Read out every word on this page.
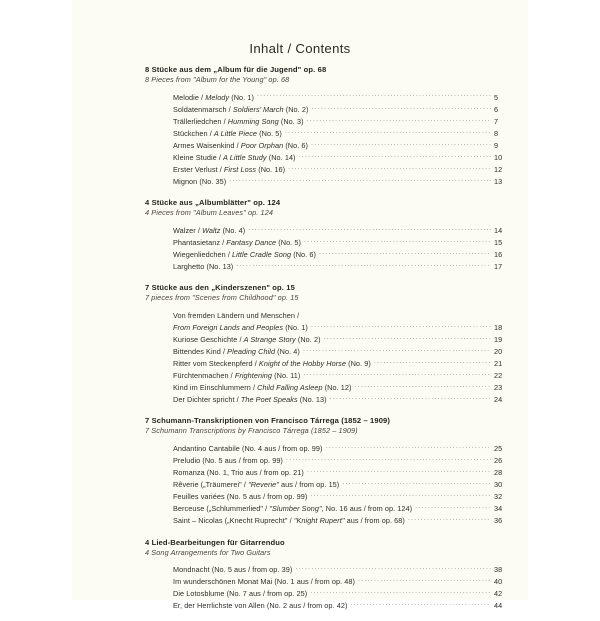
Inhalt / Contents
8 Stücke aus dem „Album für die Jugend" op. 68
8 Pieces from "Album for the Young" op. 68
Melodie / Melody (No. 1) .....	5
Soldatenmarsch / Soldiers’ March (No. 2) .....	6
Trällerliedchen / Humming Song (No. 3) .....	7
Stückchen / A Little Piece (No. 5) .....	8
Armes Waisenkind / Poor Orphan (No. 6) .....	9
Kleine Studie / A Little Study (No. 14) .....	10
Erster Verlust / First Loss (No. 16) .....	12
Mignon (No. 35) .....	13
4 Stücke aus „Albumblätter" op. 124
4 Pieces from "Album Leaves" op. 124
Walzer / Waltz (No. 4) .....	14
Phantasietanz / Fantasy Dance (No. 5) .....	15
Wiegenliedchen / Little Cradle Song (No. 6) .....	16
Larghetto (No. 13) .....	17
7 Stücke aus den „Kinderszenen" op. 15
7 pieces from "Scenes from Childhood" op. 15
Von fremden Ländern und Menschen /
From Foreign Lands and Peoples (No. 1) .....	18
Kuriose Geschichte / A Strange Story (No. 2) .....	19
Bittendes Kind / Pleading Child (No. 4) .....	20
Ritter vom Steckenpferd / Knight of the Hobby Horse (No. 9) .....	21
Fürchtenmachen / Frightening (No. 11) .....	22
Kind im Einschlummern / Child Falling Asleep (No. 12) .....	23
Der Dichter spricht / The Poet Speaks (No. 13) .....	24
7 Schumann-Transkriptionen von Francisco Tárrega (1852 – 1909)
7 Schumann Transcriptions by Francisco Tárrega (1852 – 1909)
Andantino Cantabile (No. 4 aus / from op. 99) .....	25
Preludio (No. 5 aus / from op. 99) .....	26
Romanza (No. 1, Trio aus / from op. 21) .....	28
Rêverie („Träumerei" / "Reverie" aus / from op. 15) .....	30
Feuilles variées (No. 5 aus / from op. 99) .....	32
Berceuse („Schlummerlied" / "Slumber Song", No. 16 aus / from op. 124) .....	34
Saint – Nicolas („Knecht Ruprecht" / "Knight Rupert" aus / from op. 68) .....	36
4 Lied-Bearbeitungen für Gitarrenduo
4 Song Arrangements for Two Guitars
Mondnacht (No. 5 aus / from op. 39) .....	38
Im wunderschönen Monat Mai (No. 1 aus / from op. 48) .....	40
Die Lotosblume (No. 7 aus / from op. 25) .....	42
Er, der Herrlichste von Allen (No. 2 aus / from op. 42) .....	44
